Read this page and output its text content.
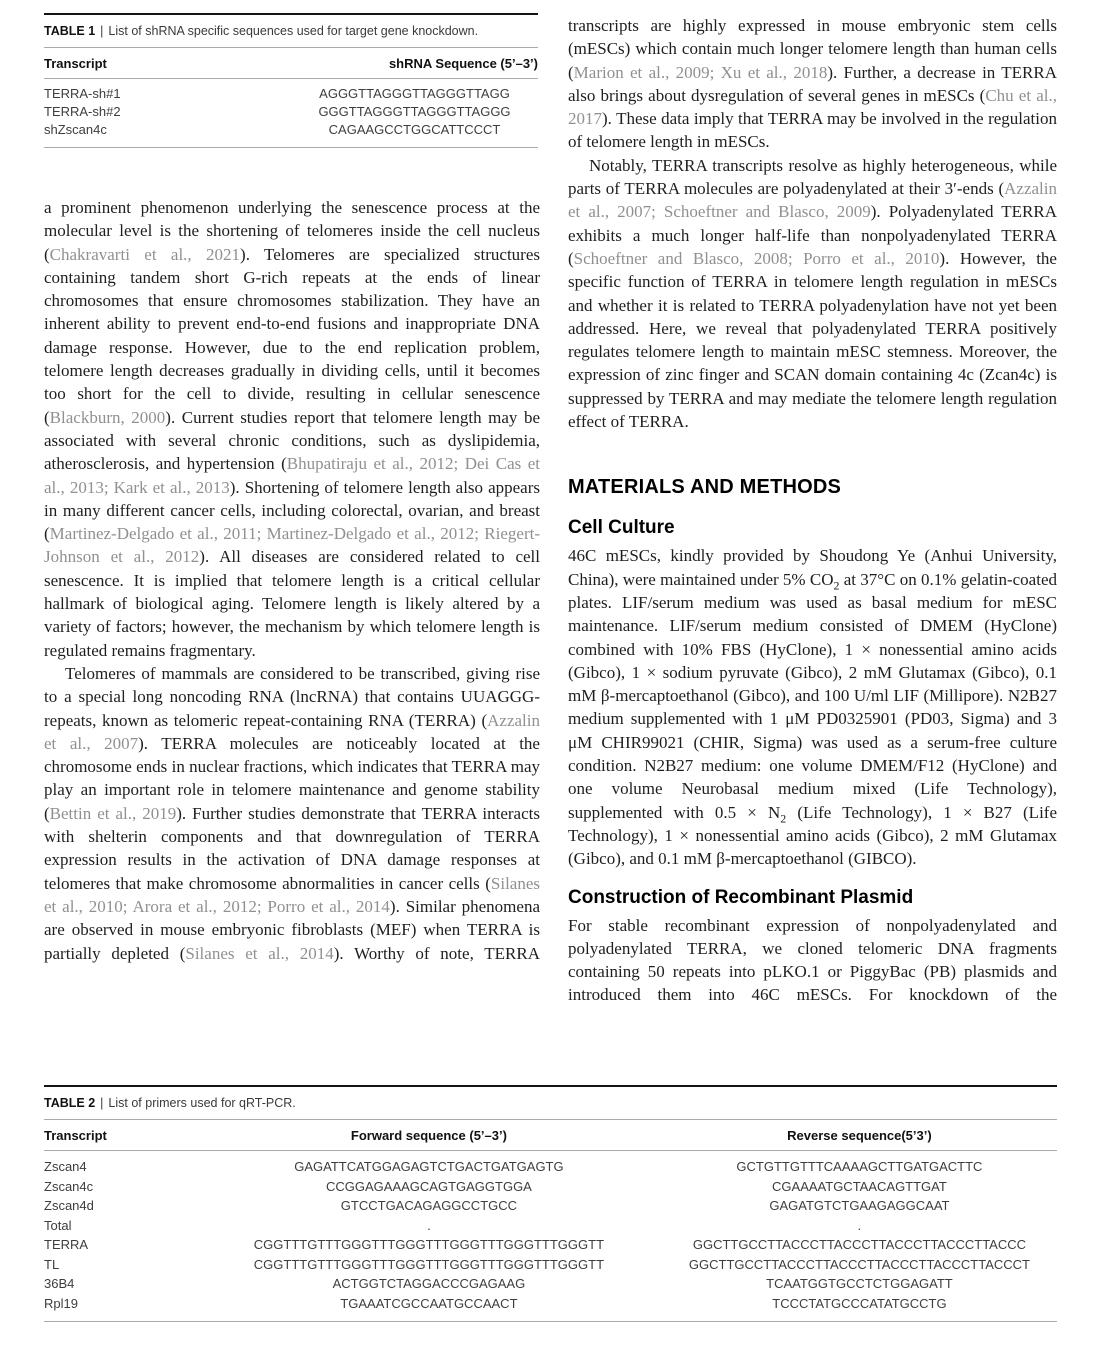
TABLE 1 | List of shRNA specific sequences used for target gene knockdown.
Transcript	shRNA Sequence (5’–3’)
TERRA-sh#1	AGGGTTAGGGTTAGGGTTAGG
TERRA-sh#2	GGGTTAGGGTTAGGGTTAGGG
shZscan4c	CAGAAGCCTGGCATTCCCT

a prominent phenomenon underlying the senescence process at the molecular level is the shortening of telomeres inside the cell nucleus (Chakravarti et al., 2021). Telomeres are specialized structures containing tandem short G-rich repeats at the ends of linear chromosomes that ensure chromosomes stabilization. They have an inherent ability to prevent end-to-end fusions and inappropriate DNA damage response. However, due to the end replication problem, telomere length decreases gradually in dividing cells, until it becomes too short for the cell to divide, resulting in cellular senescence (Blackburn, 2000). Current studies report that telomere length may be associated with several chronic conditions, such as dyslipidemia, atherosclerosis, and hypertension (Bhupatiraju et al., 2012; Dei Cas et al., 2013; Kark et al., 2013). Shortening of telomere length also appears in many different cancer cells, including colorectal, ovarian, and breast (Martinez-Delgado et al., 2011; Martinez-Delgado et al., 2012; Riegert-Johnson et al., 2012). All diseases are considered related to cell senescence. It is implied that telomere length is a critical cellular hallmark of biological aging. Telomere length is likely altered by a variety of factors; however, the mechanism by which telomere length is regulated remains fragmentary.

Telomeres of mammals are considered to be transcribed, giving rise to a special long noncoding RNA (lncRNA) that contains UUAGGG-repeats, known as telomeric repeat-containing RNA (TERRA) (Azzalin et al., 2007). TERRA molecules are noticeably located at the chromosome ends in nuclear fractions, which indicates that TERRA may play an important role in telomere maintenance and genome stability (Bettin et al., 2019). Further studies demonstrate that TERRA interacts with shelterin components and that downregulation of TERRA expression results in the activation of DNA damage responses at telomeres that make chromosome abnormalities in cancer cells (Silanes et al., 2010; Arora et al., 2012; Porro et al., 2014). Similar phenomena are observed in mouse embryonic fibroblasts (MEF) when TERRA is partially depleted (Silanes et al., 2014). Worthy of note, TERRA

transcripts are highly expressed in mouse embryonic stem cells (mESCs) which contain much longer telomere length than human cells (Marion et al., 2009; Xu et al., 2018). Further, a decrease in TERRA also brings about dysregulation of several genes in mESCs (Chu et al., 2017). These data imply that TERRA may be involved in the regulation of telomere length in mESCs.

Notably, TERRA transcripts resolve as highly heterogeneous, while parts of TERRA molecules are polyadenylated at their 3′-ends (Azzalin et al., 2007; Schoeftner and Blasco, 2009). Polyadenylated TERRA exhibits a much longer half-life than nonpolyadenylated TERRA (Schoeftner and Blasco, 2008; Porro et al., 2010). However, the specific function of TERRA in telomere length regulation in mESCs and whether it is related to TERRA polyadenylation have not yet been addressed. Here, we reveal that polyadenylated TERRA positively regulates telomere length to maintain mESC stemness. Moreover, the expression of zinc finger and SCAN domain containing 4c (Zcan4c) is suppressed by TERRA and may mediate the telomere length regulation effect of TERRA.

MATERIALS AND METHODS
Cell Culture

46C mESCs, kindly provided by Shoudong Ye (Anhui University, China), were maintained under 5% $CO_2$ at 37°C on 0.1% gelatin-coated plates. LIF/serum medium was used as basal medium for mESC maintenance. LIF/serum medium consisted of DMEM (HyClone) combined with 10% FBS (HyClone), 1 × nonessential amino acids (Gibco), 1 × sodium pyruvate (Gibco), 2 mM Glutamax (Gibco), 0.1 mM β-mercaptoethanol (Gibco), and 100 U/ml LIF (Millipore). N2B27 medium supplemented with 1 μM PD0325901 (PD03, Sigma) and 3 μM CHIR99021 (CHIR, Sigma) was used as a serum-free culture condition. N2B27 medium: one volume DMEM/F12 (HyClone) and one volume Neurobasal medium mixed (Life Technology), supplemented with $0.5 \times N_2$ (Life Technology), 1 × B27 (Life Technology), 1 × nonessential amino acids (Gibco), 2 mM Glutamax (Gibco), and 0.1 mM β-mercaptoethanol (GIBCO).

Construction of Recombinant Plasmid

For stable recombinant expression of nonpolyadenylated and polyadenylated TERRA, we cloned telomeric DNA fragments containing 50 repeats into pLKO.1 or PiggyBac (PB) plasmids and introduced them into 46C mESCs. For knockdown of the

TABLE 2 | List of primers used for qRT-PCR.
Transcript	Forward sequence (5’–3’)	Reverse sequence(5’3’)
Zscan4	GAGATTCATGGAGAGTCTGACTGATGAGTG	GCTGTTGTTTCAAAAGCTTGATGACTTC
Zscan4c	CCGGAGAAAGCAGTGAGGTGGA	CGAAAATGCTAACAGTTGAT
Zscan4d	GTCCTGACAGAGGCCTGCC	GAGATGTCTGAAGAGGCAAT
Total	.	.
TERRA	CGGTTTGTTTGGGTTTGGGTTTGGGTTTGGGTTTGGGTT	GGCTTGCCTTACCCTTACCCTTACCCTTACCCTTACCC
TL	CGGTTTGTTTGGGTTTGGGTTTGGGTTTGGGTTTGGGTT	GGCTTGCCTTACCCTTACCCTTACCCTTACCCTTACCCT
36B4	ACTGGTCTAGGACCCGAGAAG	TCAATGGTGCCTCTGGAGATT
Rpl19	TGAAATCGCCAATGCCAACT	TCCCTATGCCCATATGCCTG
